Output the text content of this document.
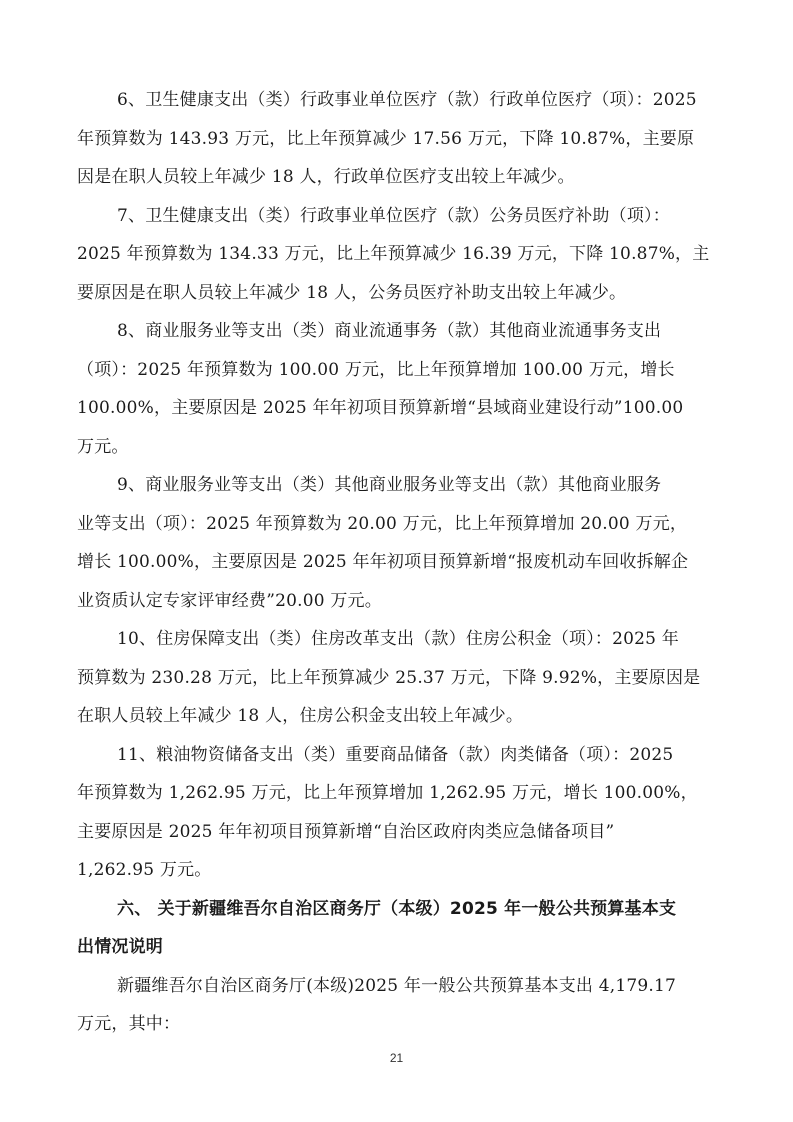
6、卫生健康支出（类）行政事业单位医疗（款）行政单位医疗（项）：2025
年预算数为 143.93 万元，比上年预算减少 17.56 万元，下降 10.87%，主要原
因是在职人员较上年减少 18 人，行政单位医疗支出较上年减少。
7、卫生健康支出（类）行政事业单位医疗（款）公务员医疗补助（项）：
2025 年预算数为 134.33 万元，比上年预算减少 16.39 万元，下降 10.87%，主
要原因是在职人员较上年减少 18 人，公务员医疗补助支出较上年减少。
8、商业服务业等支出（类）商业流通事务（款）其他商业流通事务支出
（项）：2025 年预算数为 100.00 万元，比上年预算增加 100.00 万元，增长
100.00%，主要原因是 2025 年年初项目预算新增“县域商业建设行动”100.00
万元。
9、商业服务业等支出（类）其他商业服务业等支出（款）其他商业服务
业等支出（项）：2025 年预算数为 20.00 万元，比上年预算增加 20.00 万元，
增长 100.00%，主要原因是 2025 年年初项目预算新增“报废机动车回收拆解企
业资质认定专家评审经费”20.00 万元。
10、住房保障支出（类）住房改革支出（款）住房公积金（项）：2025 年
预算数为 230.28 万元，比上年预算减少 25.37 万元，下降 9.92%，主要原因是
在职人员较上年减少 18 人，住房公积金支出较上年减少。
11、粮油物资储备支出（类）重要商品储备（款）肉类储备（项）：2025
年预算数为 1,262.95 万元，比上年预算增加 1,262.95 万元，增长 100.00%，
主要原因是 2025 年年初项目预算新增“自治区政府肉类应急储备项目”
1,262.95 万元。
六、 关于新疆维吾尔自治区商务厅（本级）2025 年一般公共预算基本支
出情况说明
新疆维吾尔自治区商务厅(本级)2025 年一般公共预算基本支出 4,179.17
万元，其中：
21
